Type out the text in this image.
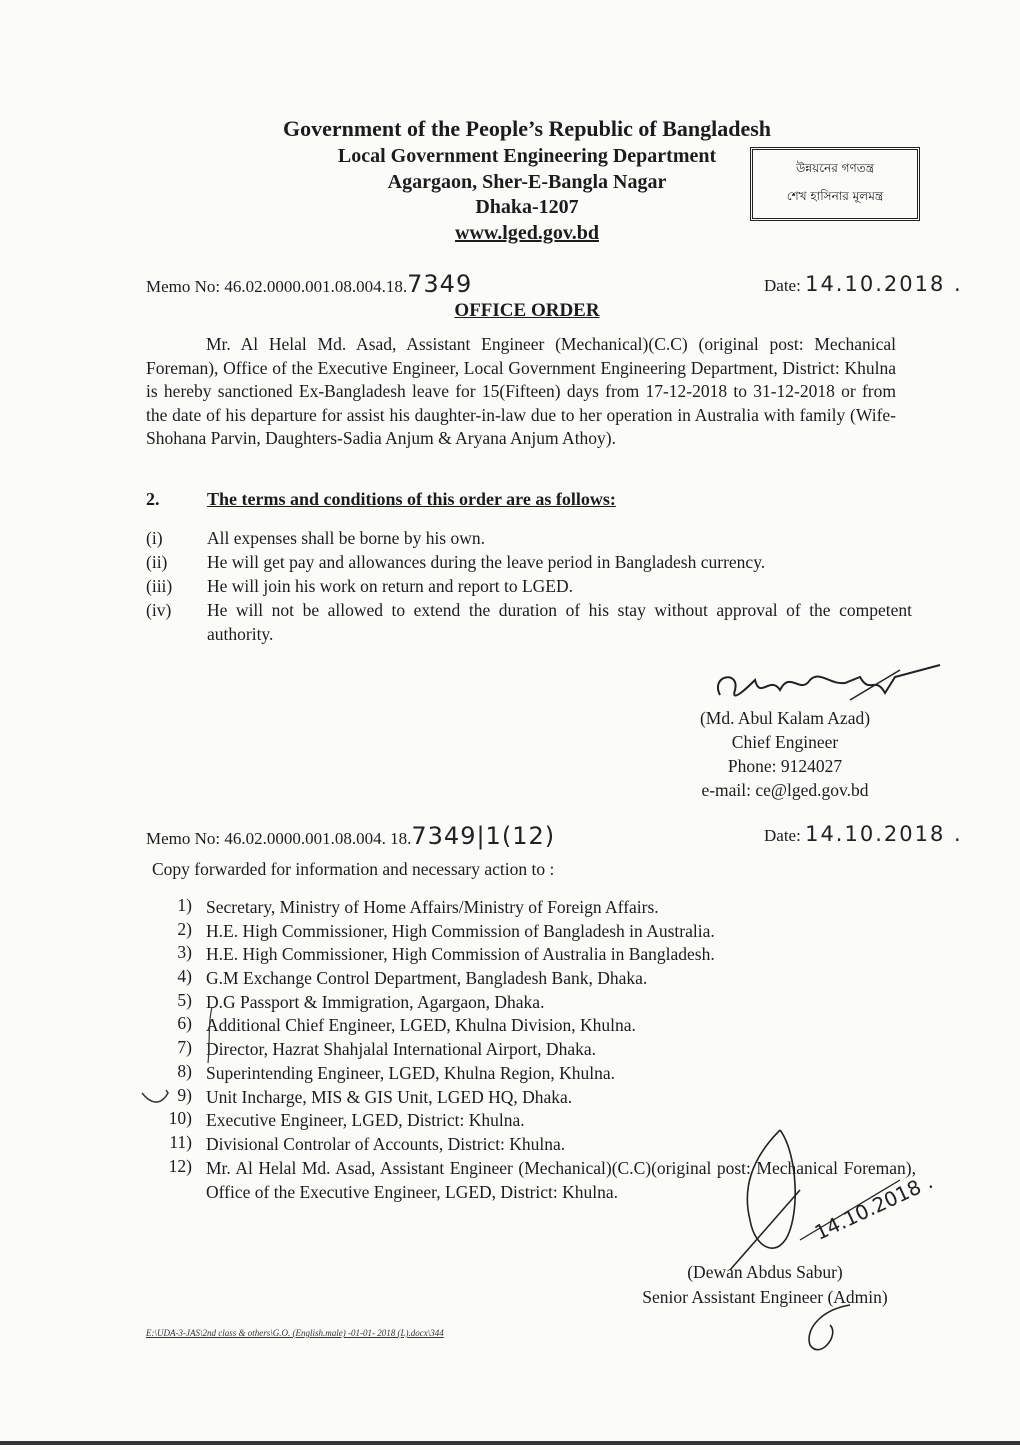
Government of the People’s Republic of Bangladesh
Local Government Engineering Department
Agargaon, Sher-E-Bangla Nagar
Dhaka-1207
www.lged.gov.bd
উন্নয়নের গণতন্ত্র
শেখ হাসিনার মূলমন্ত্র
Memo No: 46.02.0000.001.08.004.18.7349	Date: 14.10.2018 .
OFFICE ORDER
Mr. Al Helal Md. Asad, Assistant Engineer (Mechanical)(C.C) (original post: Mechanical Foreman), Office of the Executive Engineer, Local Government Engineering Department, District: Khulna is hereby sanctioned Ex-Bangladesh leave for 15(Fifteen) days from 17-12-2018 to 31-12-2018 or from the date of his departure for assist his daughter-in-law due to her operation in Australia with family (Wife-Shohana Parvin, Daughters-Sadia Anjum & Aryana Anjum Athoy).
2.	The terms and conditions of this order are as follows:
(i)	All expenses shall be borne by his own.
(ii) He will get pay and allowances during the leave period in Bangladesh currency.
(iii) He will join his work on return and report to LGED.
(iv) He will not be allowed to extend the duration of his stay without approval of the competent authority.
(Md. Abul Kalam Azad)
Chief Engineer
Phone: 9124027
e-mail: ce@lged.gov.bd
Memo No: 46.02.0000.001.08.004. 18.7349|1(12)	Date: 14.10.2018 .
Copy forwarded for information and necessary action to :
1) Secretary, Ministry of Home Affairs/Ministry of Foreign Affairs.
2) H.E. High Commissioner, High Commission of Bangladesh in Australia.
3) H.E. High Commissioner, High Commission of Australia in Bangladesh.
4) G.M Exchange Control Department, Bangladesh Bank, Dhaka.
5) D.G Passport & Immigration, Agargaon, Dhaka.
6) Additional Chief Engineer, LGED, Khulna Division, Khulna.
7) Director, Hazrat Shahjalal International Airport, Dhaka.
8) Superintending Engineer, LGED, Khulna Region, Khulna.
9) Unit Incharge, MIS & GIS Unit, LGED HQ, Dhaka.
10) Executive Engineer, LGED, District: Khulna.
11) Divisional Controlar of Accounts, District: Khulna.
12) Mr. Al Helal Md. Asad, Assistant Engineer (Mechanical)(C.C)(original post: Mechanical Foreman), Office of the Executive Engineer, LGED, District: Khulna.	14.10.2018 .
(Dewan Abdus Sabur)
Senior Assistant Engineer (Admin)
E:\UDA-3-JAS\2nd class & others\G.O. (English.male) -01-01- 2018 (L).docx\344
